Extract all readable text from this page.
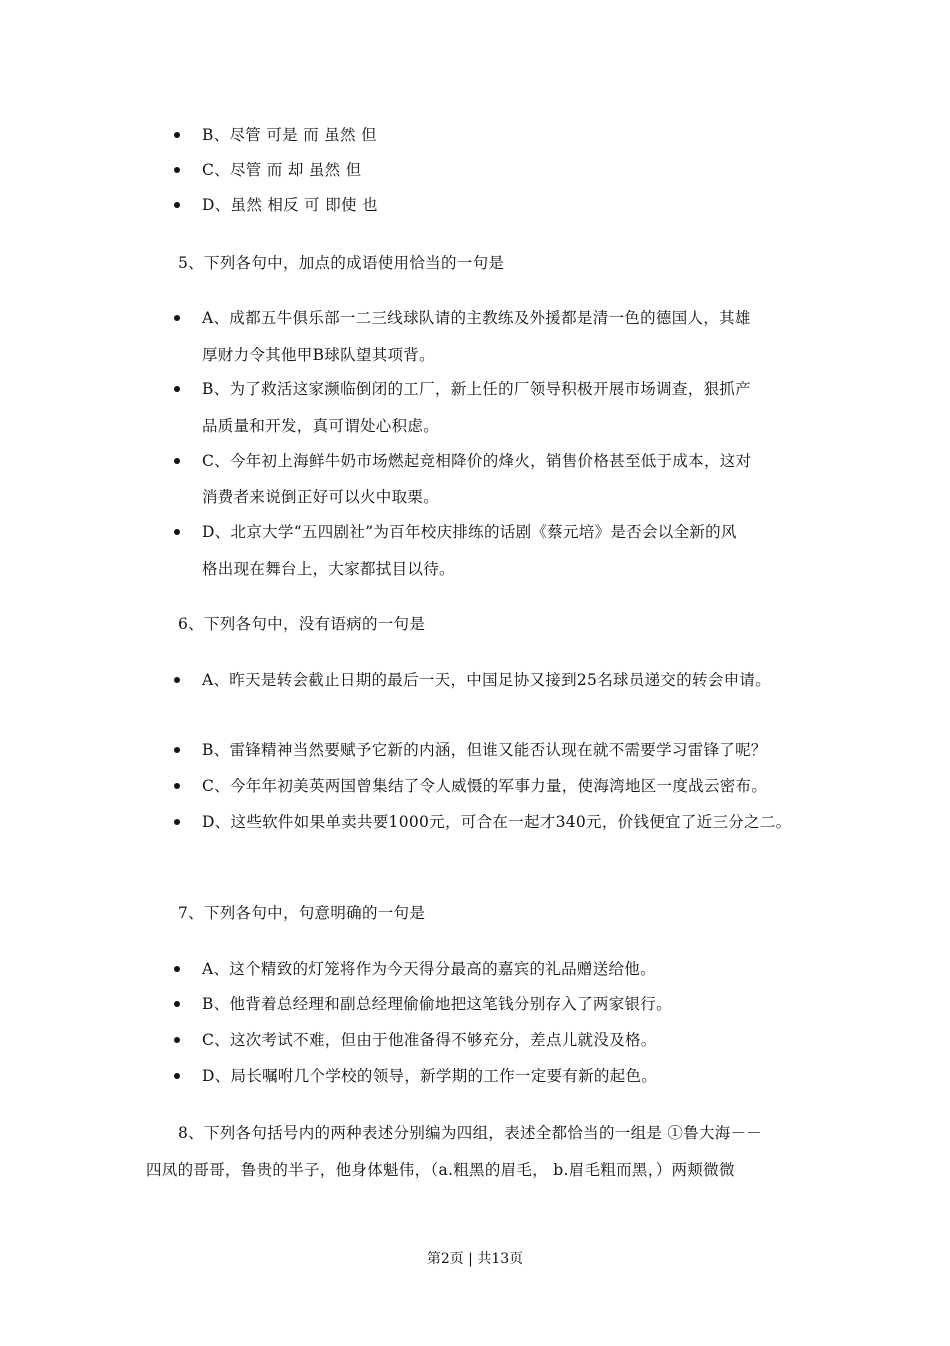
B、尽管 可是 而 虽然 但
C、尽管 而 却 虽然 但
D、虽然 相反 可 即使 也
5、下列各句中，加点的成语使用恰当的一句是
A、成都五牛俱乐部一二三线球队请的主教练及外援都是清一色的德国人，其雄
厚财力令其他甲B球队望其项背。
B、为了救活这家濒临倒闭的工厂，新上任的厂领导积极开展市场调查，狠抓产
品质量和开发，真可谓处心积虑。
C、今年初上海鲜牛奶市场燃起竞相降价的烽火，销售价格甚至低于成本，这对
消费者来说倒正好可以火中取栗。
D、北京大学“五四剧社”为百年校庆排练的话剧《蔡元培》是否会以全新的风
格出现在舞台上，大家都拭目以待。
6、下列各句中，没有语病的一句是
A、昨天是转会截止日期的最后一天，中国足协又接到25名球员递交的转会申请。
B、雷锋精神当然要赋予它新的内涵，但谁又能否认现在就不需要学习雷锋了呢？
C、今年年初美英两国曾集结了令人威慑的军事力量，使海湾地区一度战云密布。
D、这些软件如果单卖共要1000元，可合在一起才340元，价钱便宜了近三分之二。
7、下列各句中，句意明确的一句是
A、这个精致的灯笼将作为今天得分最高的嘉宾的礼品赠送给他。
B、他背着总经理和副总经理偷偷地把这笔钱分别存入了两家银行。
C、这次考试不难，但由于他准备得不够充分，差点儿就没及格。
D、局长嘱咐几个学校的领导，新学期的工作一定要有新的起色。
8、下列各句括号内的两种表述分别编为四组，表述全都恰当的一组是 ①鲁大海－－
四凤的哥哥，鲁贵的半子，他身体魁伟，（a.粗黑的眉毛， b.眉毛粗而黑，）两颊微微
第2页 | 共13页
